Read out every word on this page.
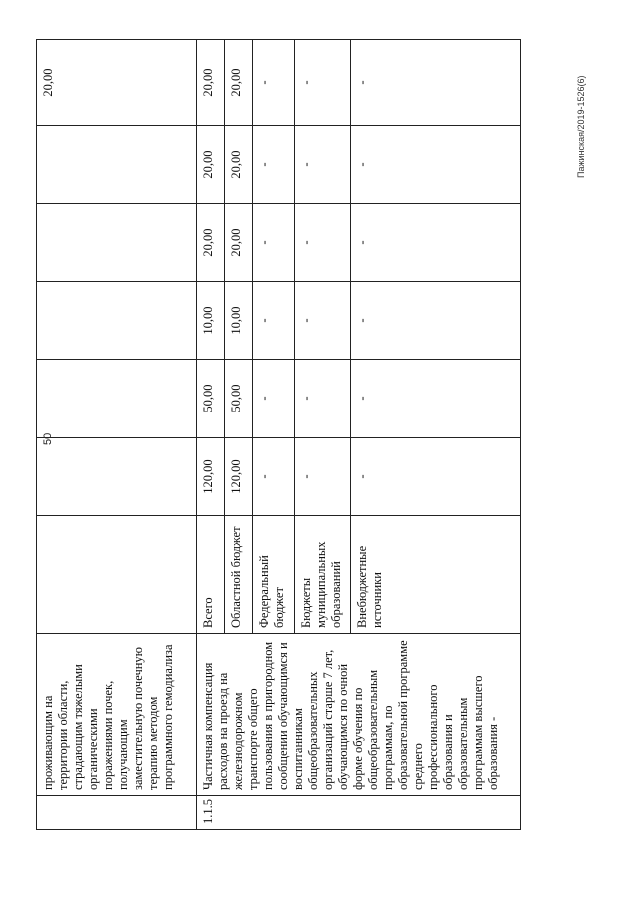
50
Пажинская/2019-1526(6)
	проживающим на территории области, страдающим тяжелыми органическими поражениями почек, получающим заместительную почечную терапию методом программного гемодиализа							20,00
1.1.5	Частичная компенсация расходов на проезд на железнодорожном транспорте общего пользования в пригородном сообщении обучающимся и воспитанникам общеобразовательных организаций старше 7 лет, обучающимся по очной форме обучения по общеобразовательным программам, по образовательной программе среднего профессионального образования и образовательным программам высшего образования -	Всего	120,00	50,00	10,00	20,00	20,00	20,00
		Областной бюджет	120,00	50,00	10,00	20,00	20,00	20,00
		Федеральный бюджет	-	-	-	-	-	-
		Бюджеты муниципальных образований	-	-	-	-	-	-
		Внебюджетные источники	-	-	-	-	-	-
